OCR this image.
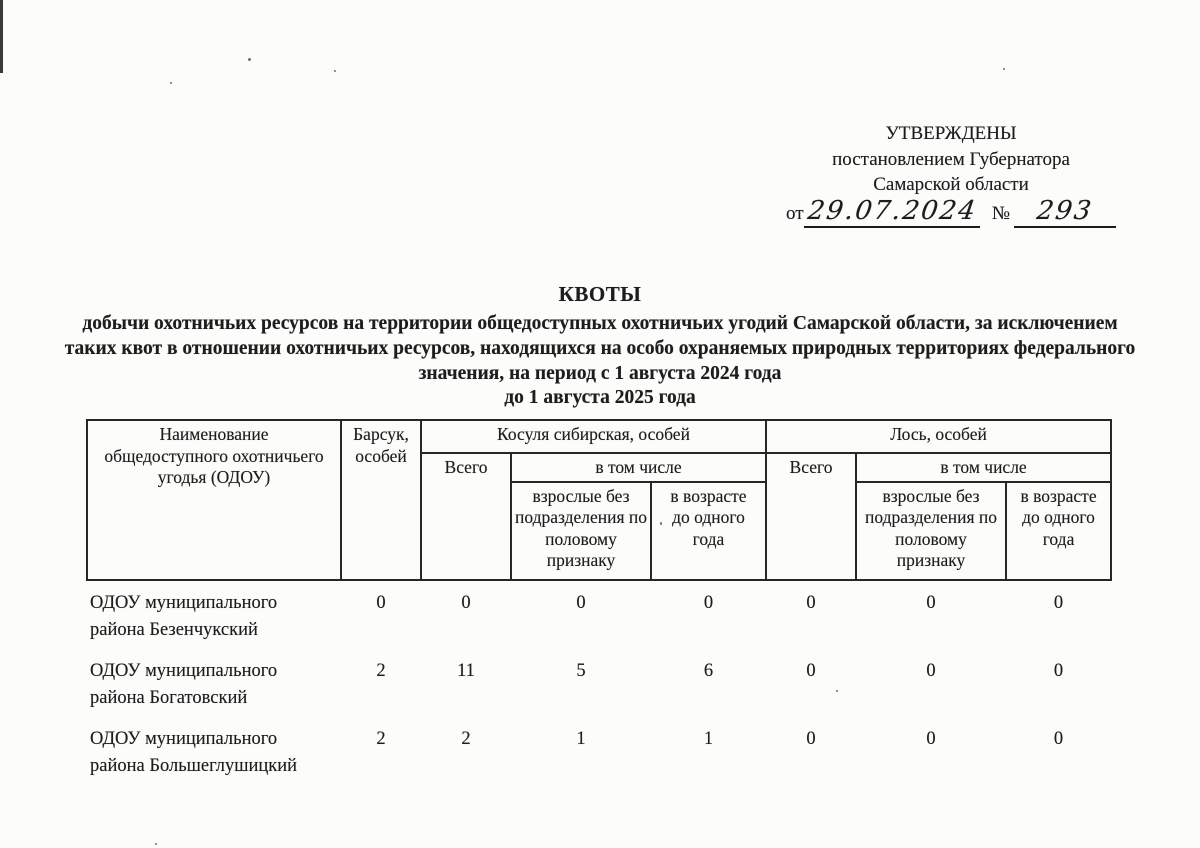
УТВЕРЖДЕНЫ
постановлением Губернатора
Самарской области
от 29.07.2024 № 293
КВОТЫ
добычи охотничьих ресурсов на территории общедоступных охотничьих угодий Самарской области, за исключением
таких квот в отношении охотничьих ресурсов, находящихся на особо охраняемых природных территориях федерального
значения, на период с 1 августа 2024 года
до 1 августа 2025 года
Наименование общедоступного охотничьего угодья (ОДОУ)	Барсук, особей	Косуля сибирская, особей			Лось, особей		
		Всего	в том числе		Всего	в том числе	
			взрослые без подразделения по половому признаку	в возрасте до одного года		взрослые без подразделения по половому признаку	в возрасте до одного года

ОДОУ муниципального района Безенчукский	0	0	0	0	0	0	0

ОДОУ муниципального района Богатовский	2	11	5	6	0	0	0

ОДОУ муниципального района Большеглушицкий	2	2	1	1	0	0	0
